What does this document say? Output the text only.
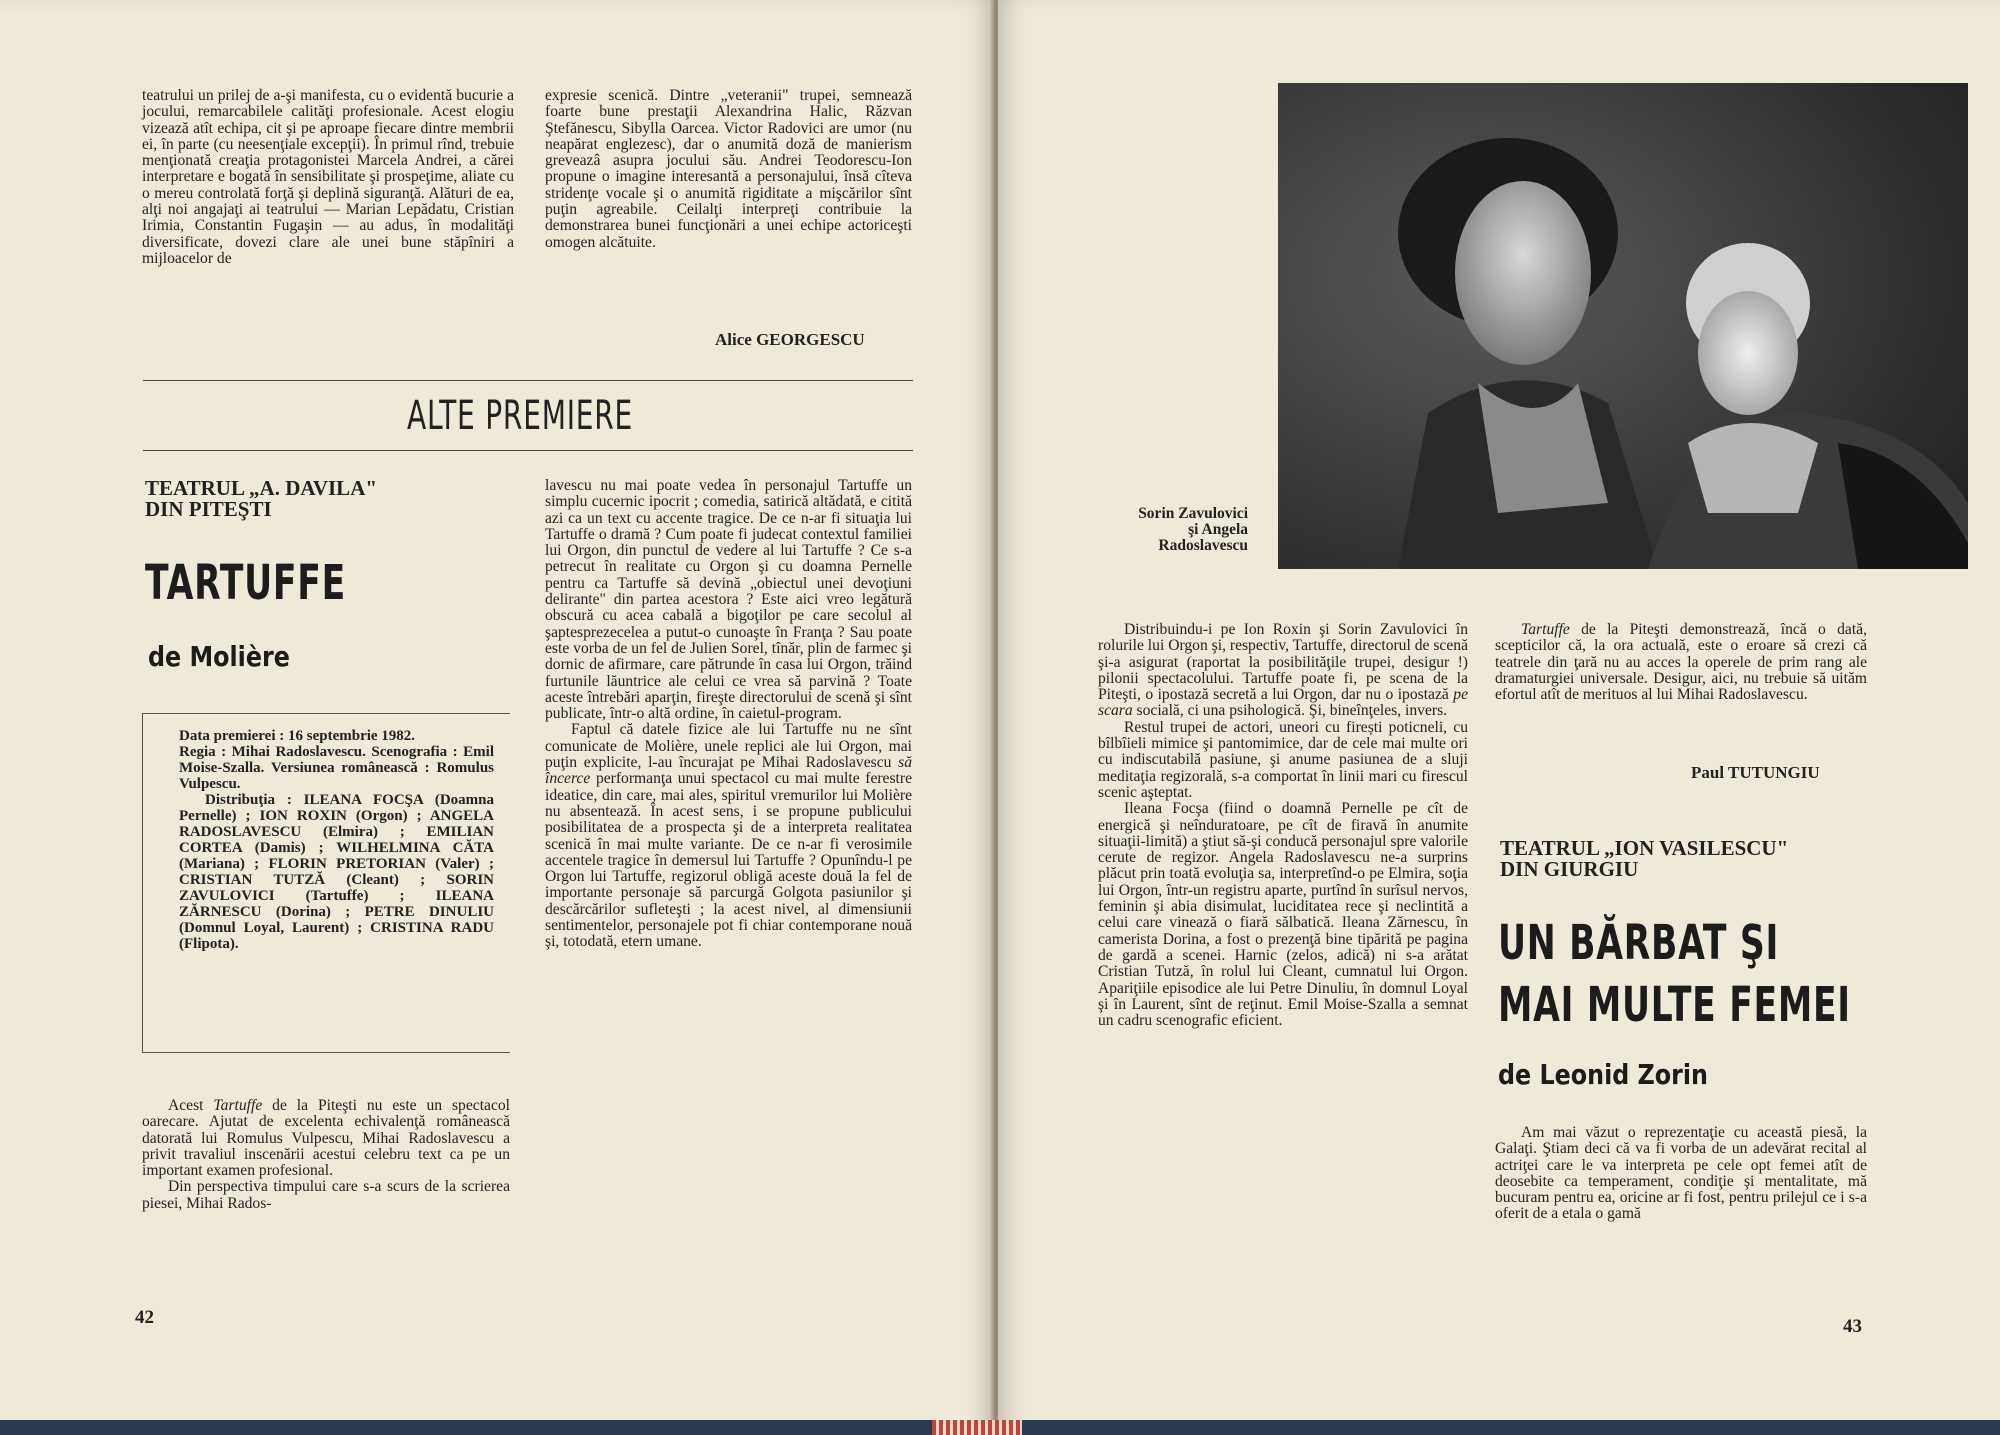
teatrului un prilej de a-şi manifesta, cu o evidentă bucurie a jocului, remarcabilele calităţi profesionale. Acest elogiu vizează atît echipa, cit şi pe aproape fiecare dintre membrii ei, în parte (cu neesenţiale excepţii). În primul rînd, trebuie menţionată creaţia protagonistei Marcela Andrei, a cărei interpretare e bogată în sensibilitate şi prospeţime, aliate cu o mereu controlată forţă şi deplină siguranţă. Alături de ea, alţi noi angajaţi ai teatrului — Marian Lepădatu, Cristian Irimia, Constantin Fugaşin — au adus, în modalităţi diversificate, dovezi clare ale unei bune stăpîniri a mijloacelor de

expresie scenică. Dintre „veteranii" trupei, semnează foarte bune prestaţii Alexandrina Halic, Răzvan Ştefănescu, Sibylla Oarcea. Victor Radovici are umor (nu neapărat englezesc), dar o anumită doză de manierism greveazâ asupra jocului său. Andrei Teodorescu-Ion propune o imagine interesantă a personajului, însă cîteva stridenţe vocale şi o anumită rigiditate a mişcărilor sînt puţin agreabile. Ceilalţi interpreţi contribuie la demonstrarea bunei funcţionări a unei echipe actoriceşti omogen alcătuite.

Alice GEORGESCU
ALTE PREMIERE
TEATRUL „A. DAVILA"
DIN PITEŞTI
TARTUFFE
de Molière

Data premierei : 16 septembrie 1982.

Regia : Mihai Radoslavescu. Scenografia : Emil Moise-Szalla. Versiunea românească : Romulus Vulpescu.

Distribuţia : ILEANA FOCŞA (Doamna Pernelle) ; ION ROXIN (Orgon) ; ANGELA RADOSLAVESCU (Elmira) ; EMILIAN CORTEA (Damis) ; WILHELMINA CĂTA (Mariana) ; FLORIN PRETORIAN (Valer) ; CRISTIAN TUTZĂ (Cleant) ; SORIN ZAVULOVICI (Tartuffe) ; ILEANA ZĂRNESCU (Dorina) ; PETRE DINULIU (Domnul Loyal, Laurent) ; CRISTINA RADU (Flipota).

Acest Tartuffe de la Piteşti nu este un spectacol oarecare. Ajutat de excelenta echivalenţă românească datorată lui Romulus Vulpescu, Mihai Radoslavescu a privit travaliul inscenării acestui celebru text ca pe un important examen profesional.

Din perspectiva timpului care s-a scurs de la scrierea piesei, Mihai Rados-

lavescu nu mai poate vedea în personajul Tartuffe un simplu cucernic ipocrit ; comedia, satirică altădată, e citită azi ca un text cu accente tragice. De ce n-ar fi situaţia lui Tartuffe o dramă ? Cum poate fi judecat contextul familiei lui Orgon, din punctul de vedere al lui Tartuffe ? Ce s-a petrecut în realitate cu Orgon şi cu doamna Pernelle pentru ca Tartuffe să devină „obiectul unei devoţiuni delirante" din partea acestora ? Este aici vreo legătură obscură cu acea cabală a bigoţilor pe care secolul al şaptesprezecelea a putut-o cunoaşte în Franţa ? Sau poate este vorba de un fel de Julien Sorel, tînăr, plin de farmec şi dornic de afirmare, care pătrunde în casa lui Orgon, trăind furtunile lăuntrice ale celui ce vrea să parvină ? Toate aceste întrebări aparţin, fireşte directorului de scenă şi sînt publicate, într-o altă ordine, în caietul-program.

Faptul că datele fizice ale lui Tartuffe nu ne sînt comunicate de Molière, unele replici ale lui Orgon, mai puţin explicite, l-au încurajat pe Mihai Radoslavescu să încerce performanţa unui spectacol cu mai multe ferestre ideatice, din care, mai ales, spiritul vremurilor lui Molière nu absentează. În acest sens, i se propune publicului posibilitatea de a prospecta şi de a interpreta realitatea scenică în mai multe variante. De ce n-ar fi verosimile accentele tragice în demersul lui Tartuffe ? Opunîndu-l pe Orgon lui Tartuffe, regizorul obligă aceste două la fel de importante personaje să parcurgă Golgota pasiunilor şi descărcărilor sufleteşti ; la acest nivel, al dimensiunii sentimentelor, personajele pot fi chiar contemporane nouă şi, totodată, etern umane.

42
Sorin Zavulovici
şi Angela
Radoslavescu

Distribuindu-i pe Ion Roxin şi Sorin Zavulovici în rolurile lui Orgon şi, respectiv, Tartuffe, directorul de scenă şi-a asigurat (raportat la posibilităţile trupei, desigur !) pilonii spectacolului. Tartuffe poate fi, pe scena de la Piteşti, o ipostază secretă a lui Orgon, dar nu o ipostază pe scara socială, ci una psihologică. Şi, bineînţeles, invers.

Restul trupei de actori, uneori cu firești poticneli, cu bîlbîieli mimice şi pantomimice, dar de cele mai multe ori cu indiscutabilă pasiune, şi anume pasiunea de a sluji meditaţia regizorală, s-a comportat în linii mari cu firescul scenic aşteptat.

Ileana Focşa (fiind o doamnă Pernelle pe cît de energică şi neînduratoare, pe cît de firavă în anumite situaţii-limită) a ştiut să-şi conducă personajul spre valorile cerute de regizor. Angela Radoslavescu ne-a surprins plăcut prin toată evoluţia sa, interpretînd-o pe Elmira, soţia lui Orgon, într-un registru aparte, purtînd în surîsul nervos, feminin şi abia disimulat, luciditatea rece şi neclintită a celui care vinează o fiară sălbatică. Ileana Zărnescu, în camerista Dorina, a fost o prezenţă bine tipărită pe pagina de gardă a scenei. Harnic (zelos, adică) ni s-a arătat Cristian Tutză, în rolul lui Cleant, cumnatul lui Orgon. Apariţiile episodice ale lui Petre Dinuliu, în domnul Loyal şi în Laurent, sînt de reţinut. Emil Moise-Szalla a semnat un cadru scenografic eficient.

Tartuffe de la Piteşti demonstrează, încă o dată, scepticilor că, la ora actuală, este o eroare să crezi că teatrele din ţară nu au acces la operele de prim rang ale dramaturgiei universale. Desigur, aici, nu trebuie să uităm efortul atît de merituos al lui Mihai Radoslavescu.

Paul TUTUNGIU
TEATRUL „ION VASILESCU"
DIN GIURGIU
UN BĂRBAT ŞI
MAI MULTE FEMEI
de Leonid Zorin

Am mai văzut o reprezentaţie cu această piesă, la Galaţi. Ştiam deci că va fi vorba de un adevărat recital al actriţei care le va interpreta pe cele opt femei atît de deosebite ca temperament, condiţie şi mentalitate, mă bucuram pentru ea, oricine ar fi fost, pentru prilejul ce i s-a oferit de a etala o gamă

43
